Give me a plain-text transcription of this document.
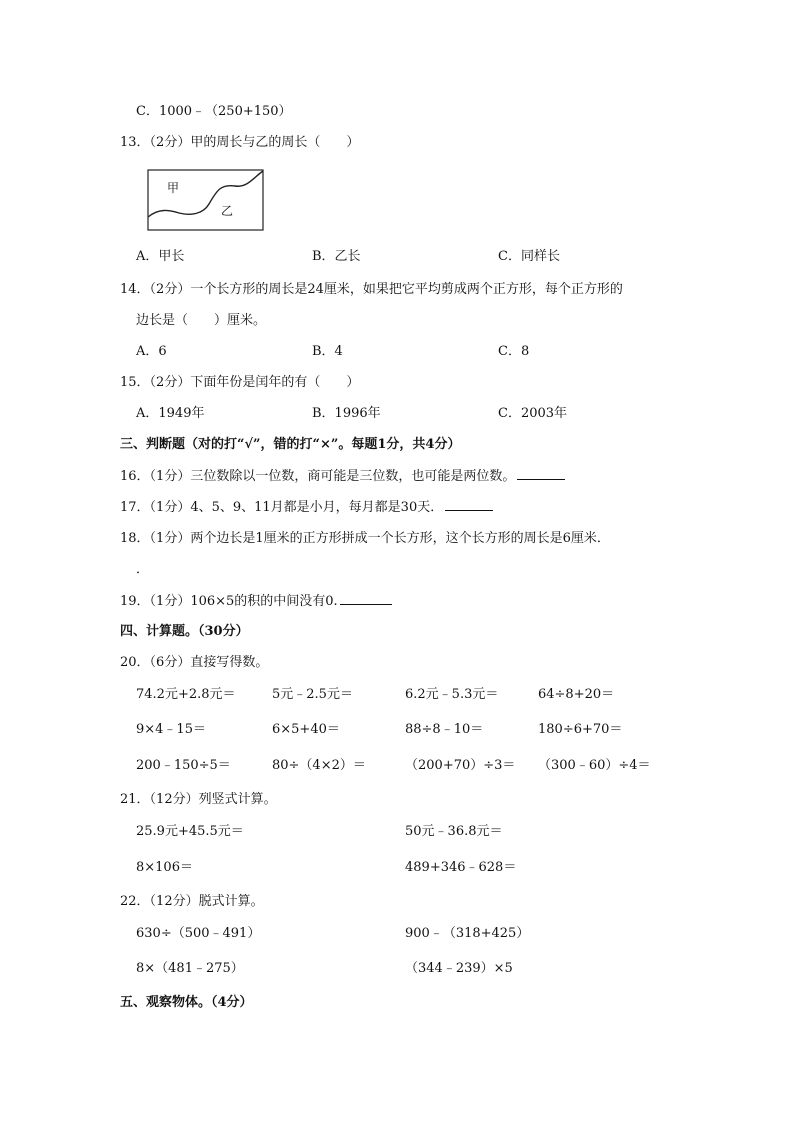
C．1000﹣（250+150）
13．（2分）甲的周长与乙的周长（　　）
甲
乙
A．甲长	B．乙长	C．同样长
14．（2分）一个长方形的周长是24厘米，如果把它平均剪成两个正方形，每个正方形的
边长是（　　）厘米。
A．6	B．4	C．8
15．（2分）下面年份是闰年的有（　　）
A．1949年	B．1996年	C．2003年
三、判断题（对的打“√”，错的打“×”。每题1分，共4分）
16．（1分）三位数除以一位数，商可能是三位数，也可能是两位数。
17．（1分）4、5、9、11月都是小月，每月都是30天．
18．（1分）两个边长是1厘米的正方形拼成一个长方形，这个长方形的周长是6厘米．
．
19．（1分）106×5的积的中间没有0.
四、计算题。（30分）
20．（6分）直接写得数。
74.2元+2.8元＝	5元﹣2.5元＝	6.2元﹣5.3元＝	64÷8+20＝
9×4﹣15＝	6×5+40＝	88÷8﹣10＝	180÷6+70＝
200﹣150÷5＝	80÷（4×2）＝	（200+70）÷3＝ （300﹣60）÷4＝
21．（12分）列竖式计算。
25.9元+45.5元＝	50元﹣36.8元＝
8×106＝	489+346﹣628＝
22．（12分）脱式计算。
630÷（500﹣491）	900﹣（318+425）
8×（481﹣275）	（344﹣239）×5
五、观察物体。（4分）
